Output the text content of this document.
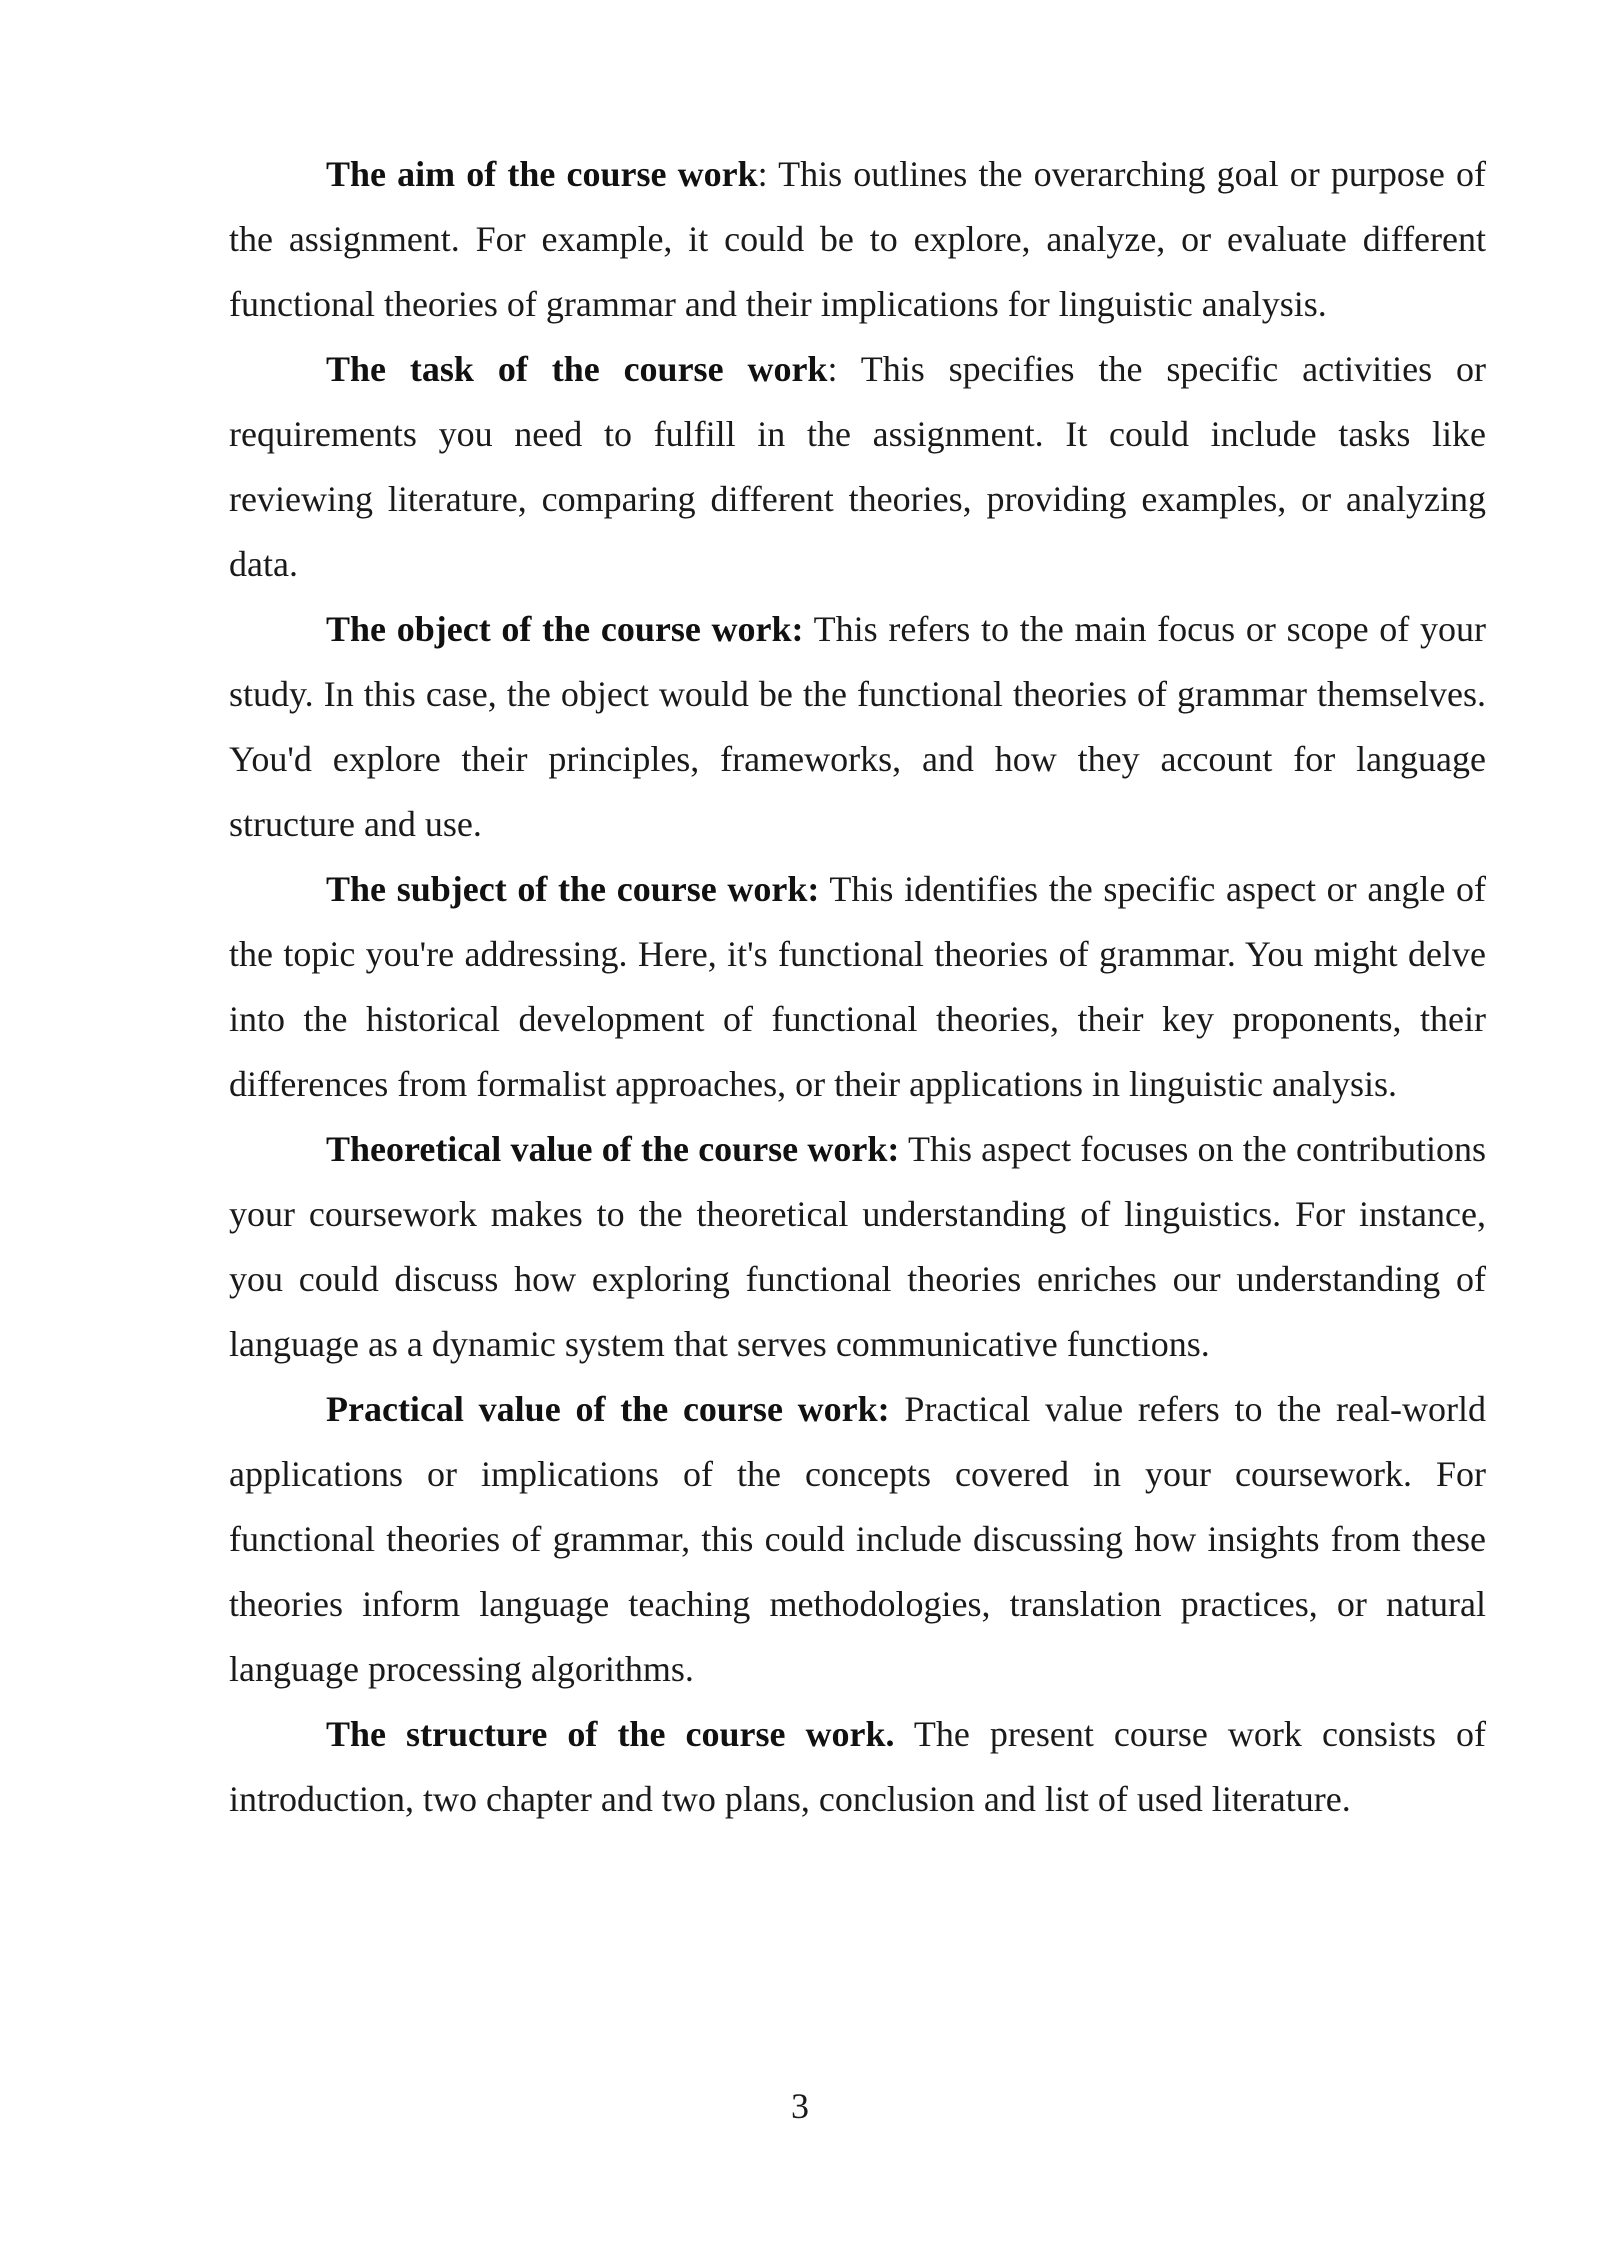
The aim of the course work: This outlines the overarching goal or purpose of the assignment. For example, it could be to explore, analyze, or evaluate different functional theories of grammar and their implications for linguistic analysis.

The task of the course work: This specifies the specific activities or requirements you need to fulfill in the assignment. It could include tasks like reviewing literature, comparing different theories, providing examples, or analyzing data.

The object of the course work: This refers to the main focus or scope of your study. In this case, the object would be the functional theories of grammar themselves. You'd explore their principles, frameworks, and how they account for language structure and use.

The subject of the course work: This identifies the specific aspect or angle of the topic you're addressing. Here, it's functional theories of grammar. You might delve into the historical development of functional theories, their key proponents, their differences from formalist approaches, or their applications in linguistic analysis.

Theoretical value of the course work: This aspect focuses on the contributions your coursework makes to the theoretical understanding of linguistics. For instance, you could discuss how exploring functional theories enriches our understanding of language as a dynamic system that serves communicative functions.

Practical value of the course work: Practical value refers to the real-world applications or implications of the concepts covered in your coursework. For functional theories of grammar, this could include discussing how insights from these theories inform language teaching methodologies, translation practices, or natural language processing algorithms.

The structure of the course work. The present course work consists of introduction, two chapter and two plans, conclusion and list of used literature.

3
